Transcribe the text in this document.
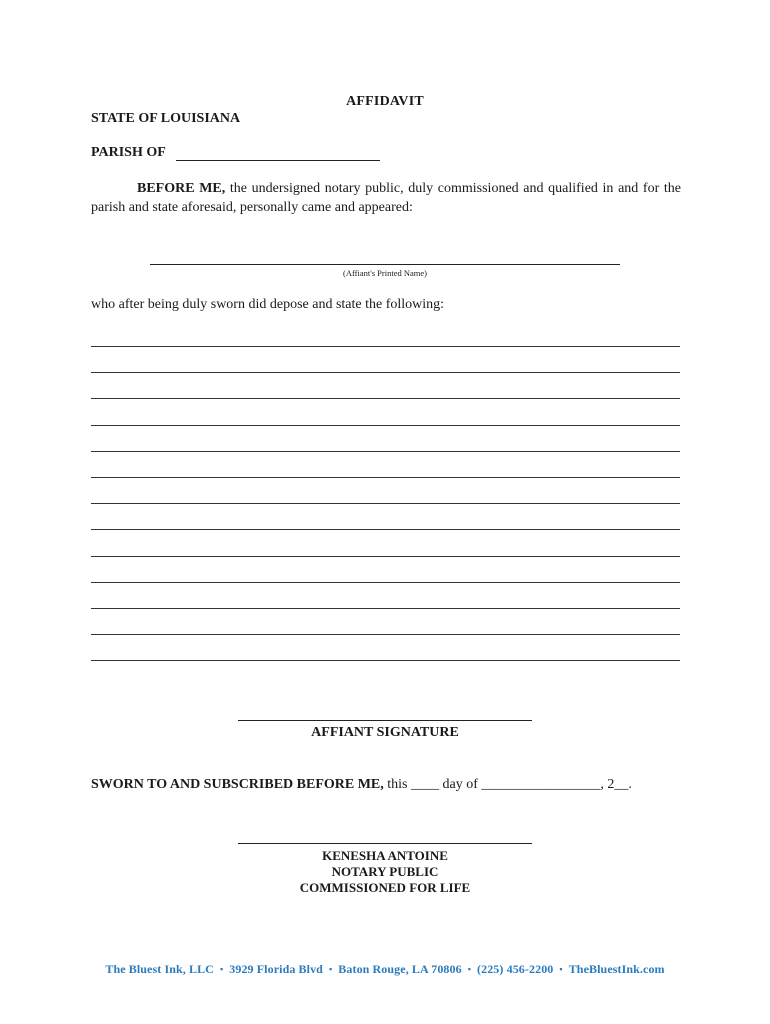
AFFIDAVIT
STATE OF LOUISIANA
PARISH OF
BEFORE ME, the undersigned notary public, duly commissioned and qualified in and for the parish and state aforesaid, personally came and appeared:
(Affiant's Printed Name)
who after being duly sworn did depose and state the following:
AFFIANT SIGNATURE
SWORN TO AND SUBSCRIBED BEFORE ME, this ____ day of _________________, 2__.
KENESHA ANTOINE
NOTARY PUBLIC
COMMISSIONED FOR LIFE
The Bluest Ink, LLC ▪ 3929 Florida Blvd ▪ Baton Rouge, LA 70806 ▪ (225) 456-2200 ▪ TheBluestInk.com
